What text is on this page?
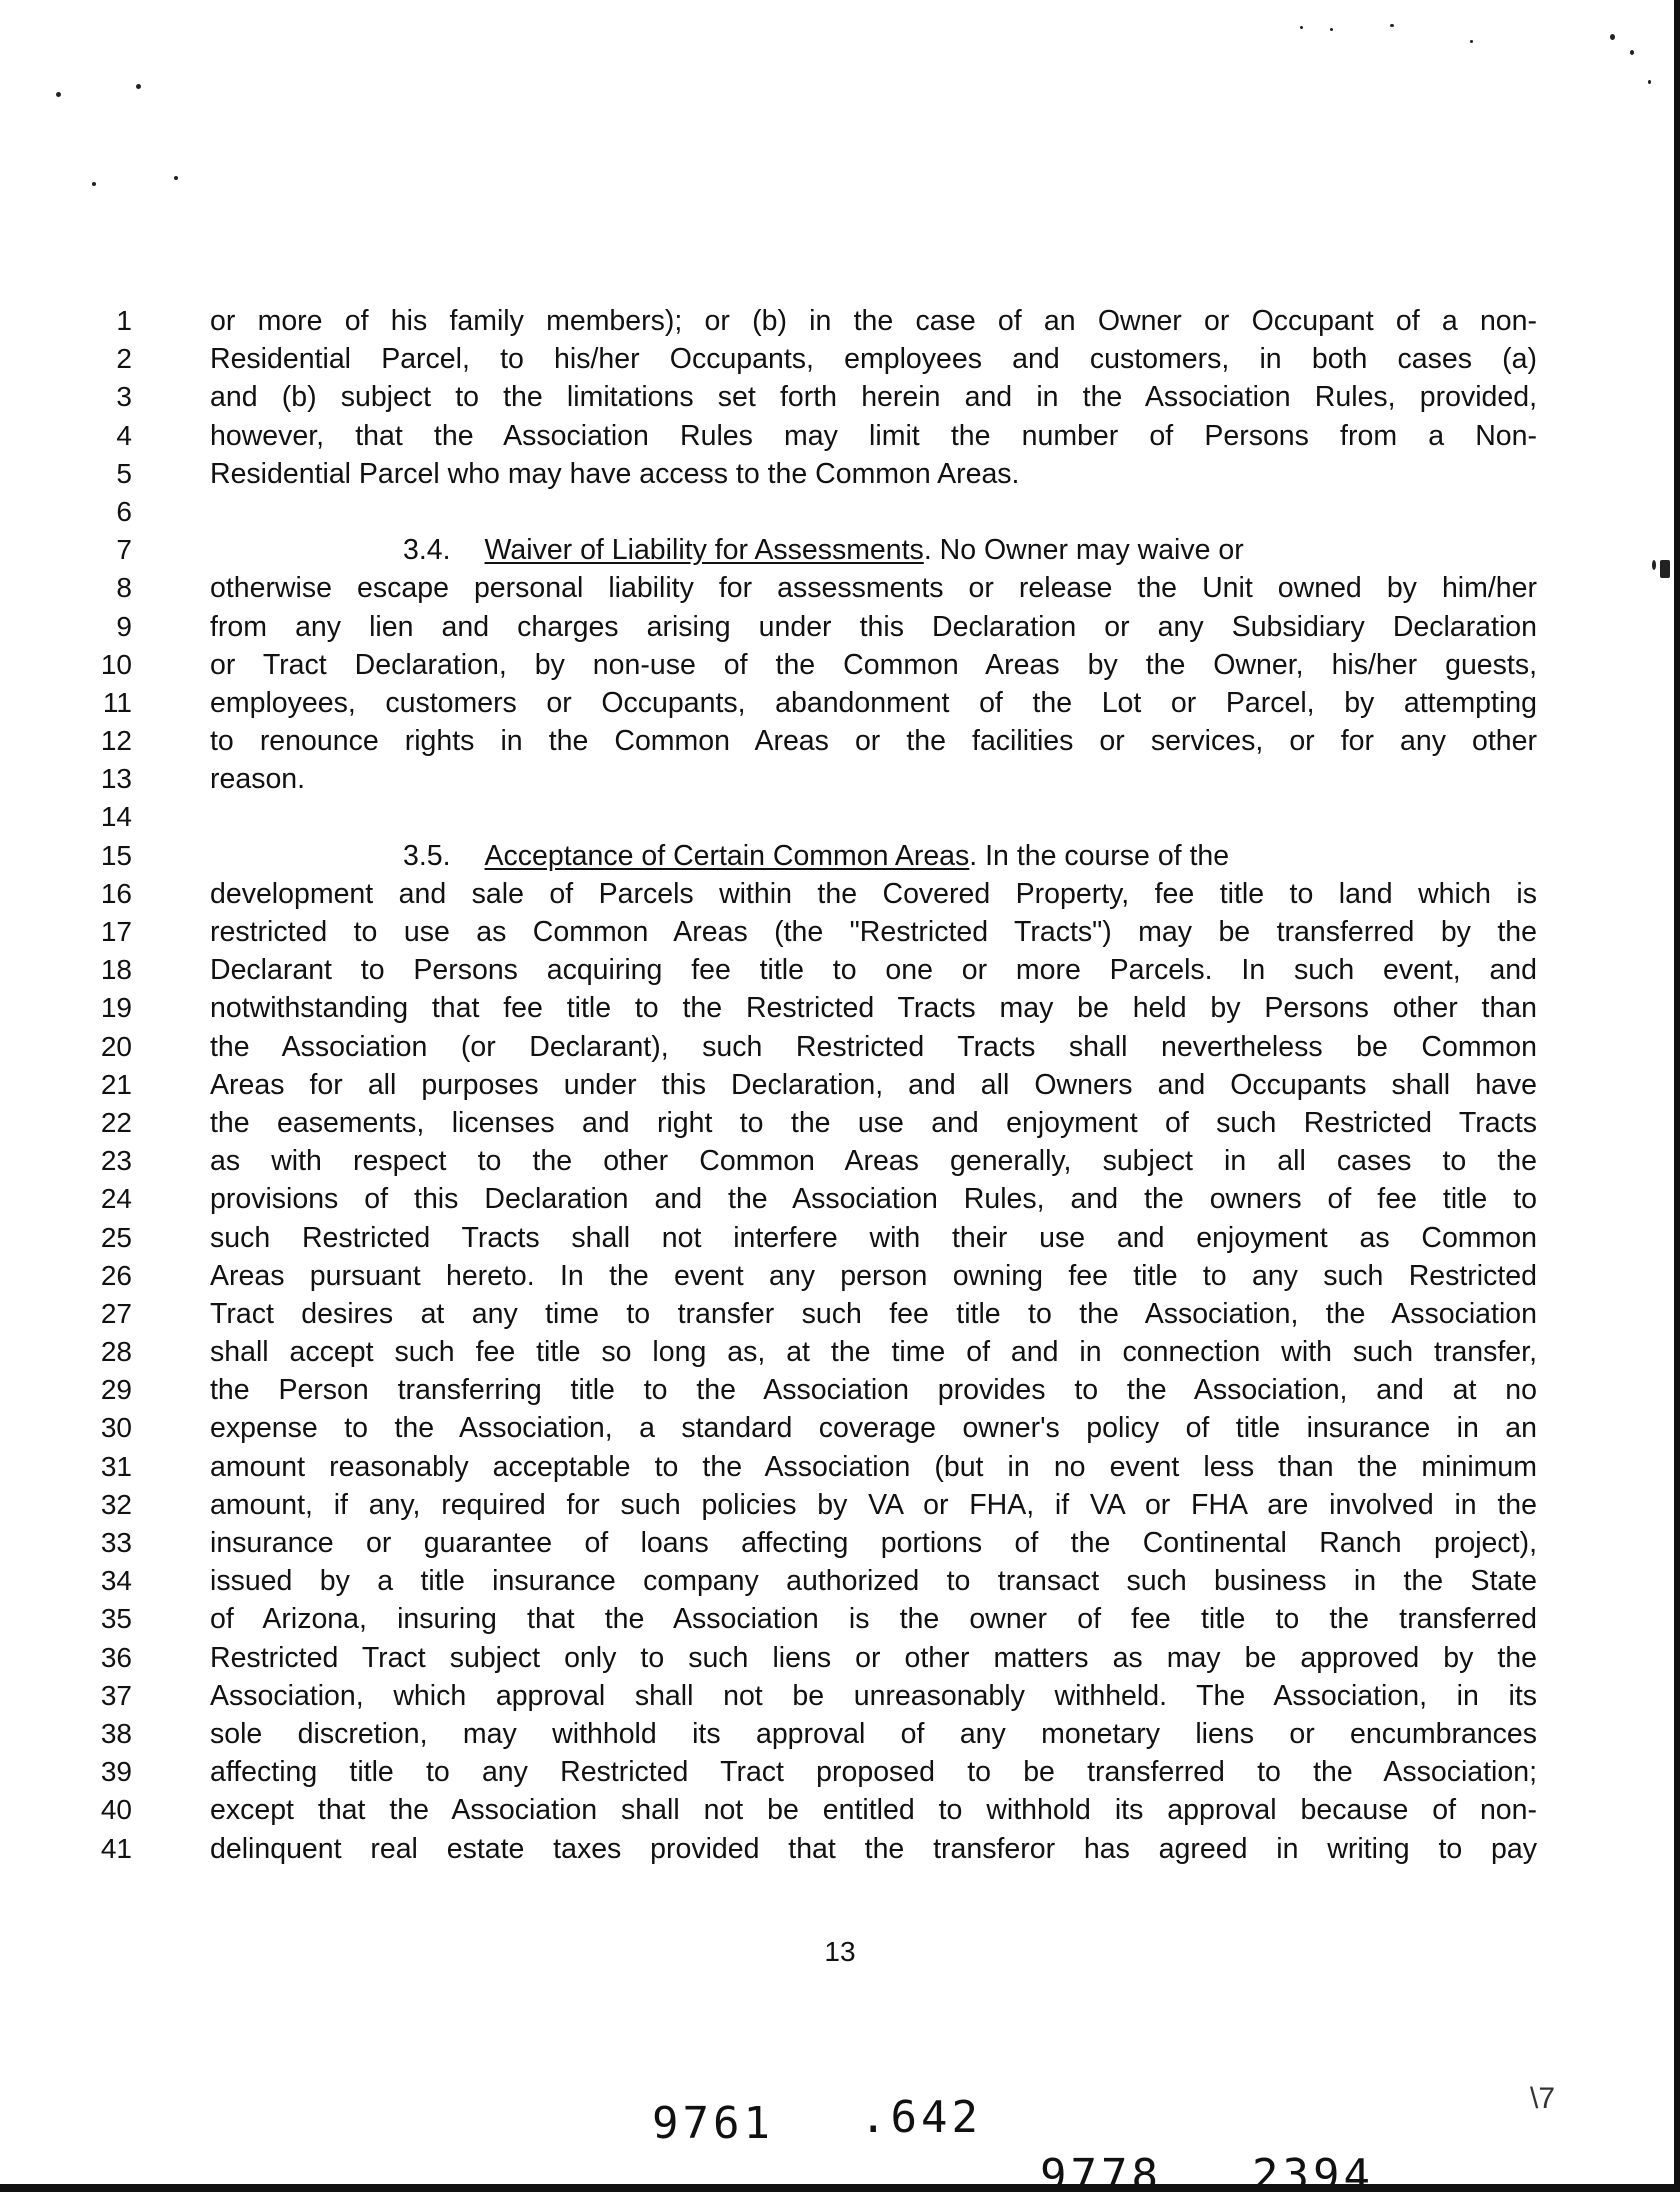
1	or more of his family members); or (b) in the case of an Owner or Occupant of a non-
2	Residential Parcel, to his/her Occupants, employees and customers, in both cases (a)
3	and (b) subject to the limitations set forth herein and in the Association Rules, provided,
4	however, that the Association Rules may limit the number of Persons from a Non-
5	Residential Parcel who may have access to the Common Areas.
6
7	3.4. Waiver of Liability for Assessments. No Owner may waive or
8	otherwise escape personal liability for assessments or release the Unit owned by him/her
9	from any lien and charges arising under this Declaration or any Subsidiary Declaration
10	or Tract Declaration, by non-use of the Common Areas by the Owner, his/her guests,
11	employees, customers or Occupants, abandonment of the Lot or Parcel, by attempting
12	to renounce rights in the Common Areas or the facilities or services, or for any other
13	reason.
14
15	3.5. Acceptance of Certain Common Areas. In the course of the
16	development and sale of Parcels within the Covered Property, fee title to land which is
17	restricted to use as Common Areas (the "Restricted Tracts") may be transferred by the
18	Declarant to Persons acquiring fee title to one or more Parcels. In such event, and
19	notwithstanding that fee title to the Restricted Tracts may be held by Persons other than
20	the Association (or Declarant), such Restricted Tracts shall nevertheless be Common
21	Areas for all purposes under this Declaration, and all Owners and Occupants shall have
22	the easements, licenses and right to the use and enjoyment of such Restricted Tracts
23	as with respect to the other Common Areas generally, subject in all cases to the
24	provisions of this Declaration and the Association Rules, and the owners of fee title to
25	such Restricted Tracts shall not interfere with their use and enjoyment as Common
26	Areas pursuant hereto. In the event any person owning fee title to any such Restricted
27	Tract desires at any time to transfer such fee title to the Association, the Association
28	shall accept such fee title so long as, at the time of and in connection with such transfer,
29	the Person transferring title to the Association provides to the Association, and at no
30	expense to the Association, a standard coverage owner's policy of title insurance in an
31	amount reasonably acceptable to the Association (but in no event less than the minimum
32	amount, if any, required for such policies by VA or FHA, if VA or FHA are involved in the
33	insurance or guarantee of loans affecting portions of the Continental Ranch project),
34	issued by a title insurance company authorized to transact such business in the State
35	of Arizona, insuring that the Association is the owner of fee title to the transferred
36	Restricted Tract subject only to such liens or other matters as may be approved by the
37	Association, which approval shall not be unreasonably withheld. The Association, in its
38	sole discretion, may withhold its approval of any monetary liens or encumbrances
39	affecting title to any Restricted Tract proposed to be transferred to the Association;
40	except that the Association shall not be entitled to withhold its approval because of non-
41	delinquent real estate taxes provided that the transferor has agreed in writing to pay
13
9761 .642
9778 2394
\7
